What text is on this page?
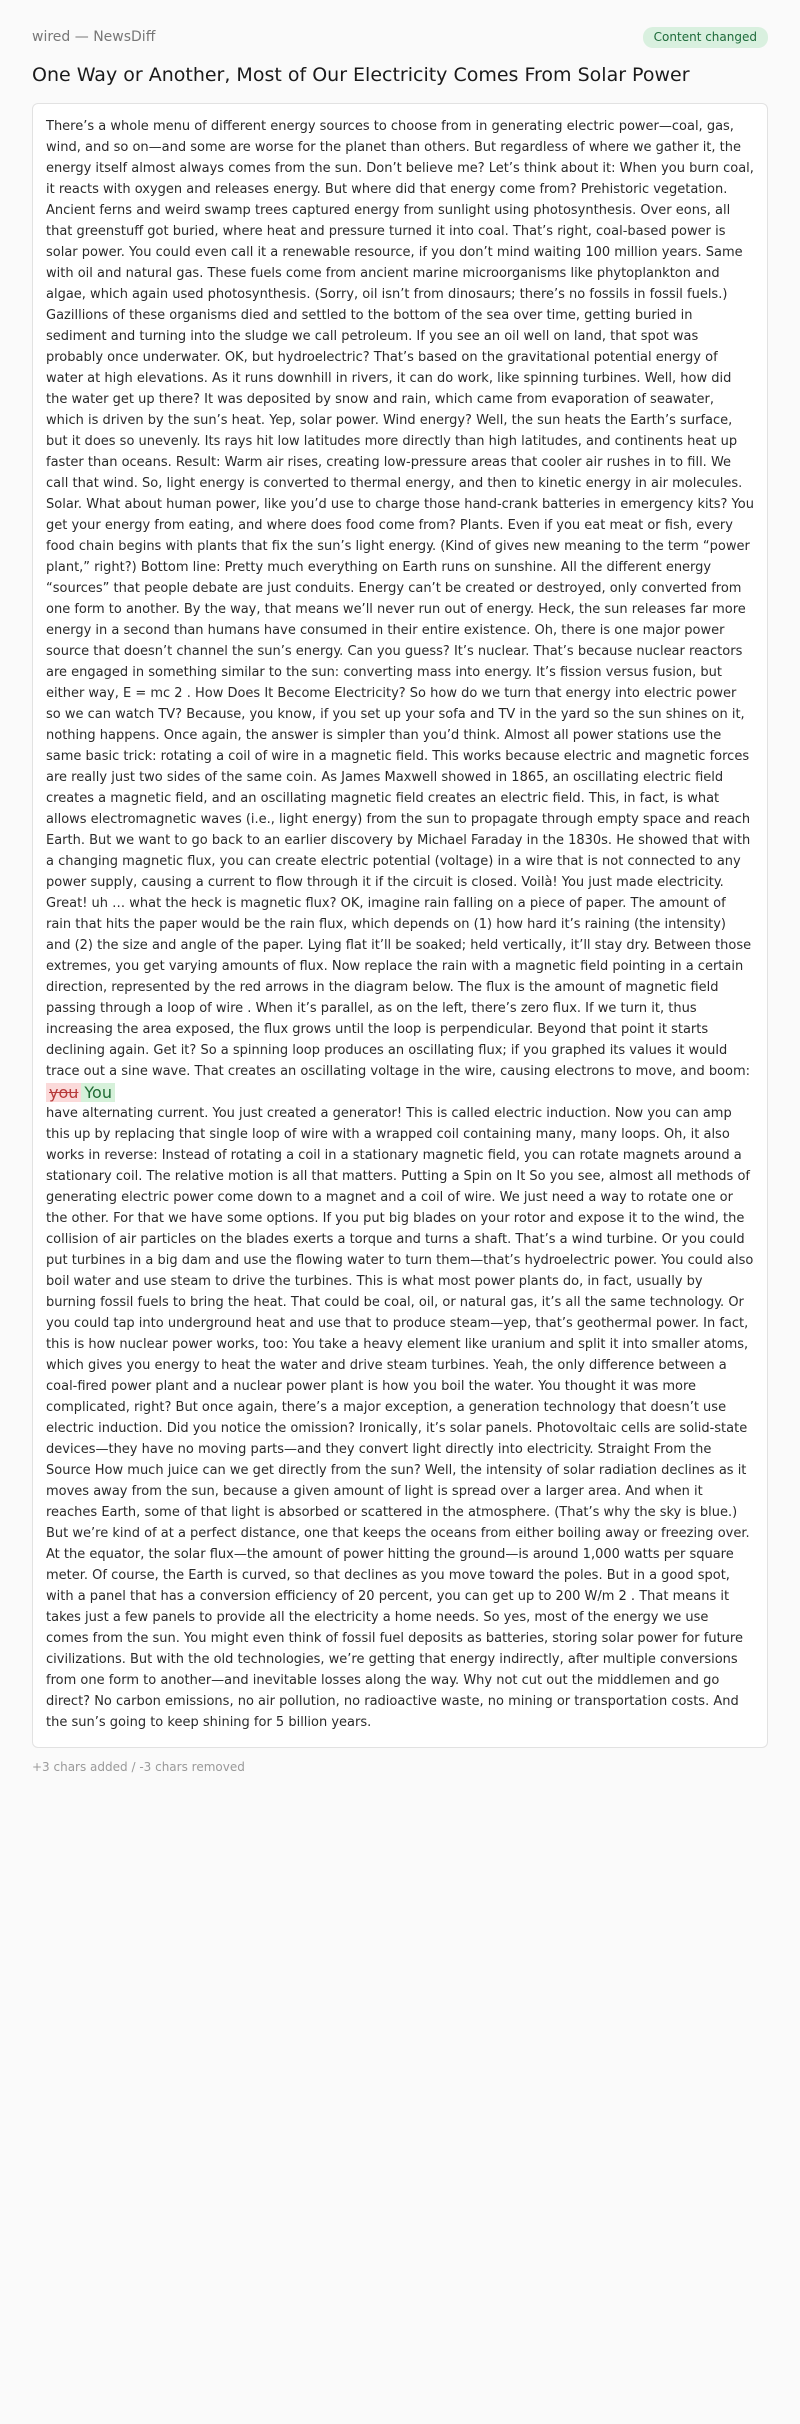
wired — NewsDiff	Content changed
One Way or Another, Most of Our Electricity Comes From Solar Power

There’s a whole menu of different energy sources to choose from in generating electric power—coal, gas, wind, and so on—and some are worse for the planet than others. But regardless of where we gather it, the energy itself almost always comes from the sun. Don’t believe me? Let’s think about it: When you burn coal, it reacts with oxygen and releases energy. But where did that energy come from? Prehistoric vegetation. Ancient ferns and weird swamp trees captured energy from sunlight using photosynthesis. Over eons, all that greenstuff got buried, where heat and pressure turned it into coal. That’s right, coal-based power is solar power. You could even call it a renewable resource, if you don’t mind waiting 100 million years. Same with oil and natural gas. These fuels come from ancient marine microorganisms like phytoplankton and algae, which again used photosynthesis. (Sorry, oil isn’t from dinosaurs; there’s no fossils in fossil fuels.) Gazillions of these organisms died and settled to the bottom of the sea over time, getting buried in sediment and turning into the sludge we call petroleum. If you see an oil well on land, that spot was probably once underwater. OK, but hydroelectric? That’s based on the gravitational potential energy of water at high elevations. As it runs downhill in rivers, it can do work, like spinning turbines. Well, how did the water get up there? It was deposited by snow and rain, which came from evaporation of seawater, which is driven by the sun’s heat. Yep, solar power. Wind energy? Well, the sun heats the Earth’s surface, but it does so unevenly. Its rays hit low latitudes more directly than high latitudes, and continents heat up faster than oceans. Result: Warm air rises, creating low-pressure areas that cooler air rushes in to fill. We call that wind. So, light energy is converted to thermal energy, and then to kinetic energy in air molecules. Solar. What about human power, like you’d use to charge those hand-crank batteries in emergency kits? You get your energy from eating, and where does food come from? Plants. Even if you eat meat or fish, every food chain begins with plants that fix the sun’s light energy. (Kind of gives new meaning to the term “power plant,” right?) Bottom line: Pretty much everything on Earth runs on sunshine. All the different energy “sources” that people debate are just conduits. Energy can’t be created or destroyed, only converted from one form to another. By the way, that means we’ll never run out of energy. Heck, the sun releases far more energy in a second than humans have consumed in their entire existence. Oh, there is one major power source that doesn’t channel the sun’s energy. Can you guess? It’s nuclear. That’s because nuclear reactors are engaged in something similar to the sun: converting mass into energy. It’s fission versus fusion, but either way, E = mc 2 . How Does It Become Electricity? So how do we turn that energy into electric power so we can watch TV? Because, you know, if you set up your sofa and TV in the yard so the sun shines on it, nothing happens. Once again, the answer is simpler than you’d think. Almost all power stations use the same basic trick: rotating a coil of wire in a magnetic field. This works because electric and magnetic forces are really just two sides of the same coin. As James Maxwell showed in 1865, an oscillating electric field creates a magnetic field, and an oscillating magnetic field creates an electric field. This, in fact, is what allows electromagnetic waves (i.e., light energy) from the sun to propagate through empty space and reach Earth. But we want to go back to an earlier discovery by Michael Faraday in the 1830s. He showed that with a changing magnetic flux, you can create electric potential (voltage) in a wire that is not connected to any power supply, causing a current to flow through it if the circuit is closed. Voilà! You just made electricity. Great! uh … what the heck is magnetic flux? OK, imagine rain falling on a piece of paper. The amount of rain that hits the paper would be the rain flux, which depends on (1) how hard it’s raining (the intensity) and (2) the size and angle of the paper. Lying flat it’ll be soaked; held vertically, it’ll stay dry. Between those extremes, you get varying amounts of flux. Now replace the rain with a magnetic field pointing in a certain direction, represented by the red arrows in the diagram below. The flux is the amount of magnetic field passing through a loop of wire . When it’s parallel, as on the left, there’s zero flux. If we turn it, thus increasing the area exposed, the flux grows until the loop is perpendicular. Beyond that point it starts declining again. Get it? So a spinning loop produces an oscillating flux; if you graphed its values it would trace out a sine wave. That creates an oscillating voltage in the wire, causing electrons to move, and boom:

you You

have alternating current. You just created a generator! This is called electric induction. Now you can amp this up by replacing that single loop of wire with a wrapped coil containing many, many loops. Oh, it also works in reverse: Instead of rotating a coil in a stationary magnetic field, you can rotate magnets around a stationary coil. The relative motion is all that matters. Putting a Spin on It So you see, almost all methods of generating electric power come down to a magnet and a coil of wire. We just need a way to rotate one or the other. For that we have some options. If you put big blades on your rotor and expose it to the wind, the collision of air particles on the blades exerts a torque and turns a shaft. That’s a wind turbine. Or you could put turbines in a big dam and use the flowing water to turn them—that’s hydroelectric power. You could also boil water and use steam to drive the turbines. This is what most power plants do, in fact, usually by burning fossil fuels to bring the heat. That could be coal, oil, or natural gas, it’s all the same technology. Or you could tap into underground heat and use that to produce steam—yep, that’s geothermal power. In fact, this is how nuclear power works, too: You take a heavy element like uranium and split it into smaller atoms, which gives you energy to heat the water and drive steam turbines. Yeah, the only difference between a coal-fired power plant and a nuclear power plant is how you boil the water. You thought it was more complicated, right? But once again, there’s a major exception, a generation technology that doesn’t use electric induction. Did you notice the omission? Ironically, it’s solar panels. Photovoltaic cells are solid-state devices—they have no moving parts—and they convert light directly into electricity. Straight From the Source How much juice can we get directly from the sun? Well, the intensity of solar radiation declines as it moves away from the sun, because a given amount of light is spread over a larger area. And when it reaches Earth, some of that light is absorbed or scattered in the atmosphere. (That’s why the sky is blue.) But we’re kind of at a perfect distance, one that keeps the oceans from either boiling away or freezing over. At the equator, the solar flux—the amount of power hitting the ground—is around 1,000 watts per square meter. Of course, the Earth is curved, so that declines as you move toward the poles. But in a good spot, with a panel that has a conversion efficiency of 20 percent, you can get up to 200 W/m 2 . That means it takes just a few panels to provide all the electricity a home needs. So yes, most of the energy we use comes from the sun. You might even think of fossil fuel deposits as batteries, storing solar power for future civilizations. But with the old technologies, we’re getting that energy indirectly, after multiple conversions from one form to another—and inevitable losses along the way. Why not cut out the middlemen and go direct? No carbon emissions, no air pollution, no radioactive waste, no mining or transportation costs. And the sun’s going to keep shining for 5 billion years.

+3 chars added / -3 chars removed
